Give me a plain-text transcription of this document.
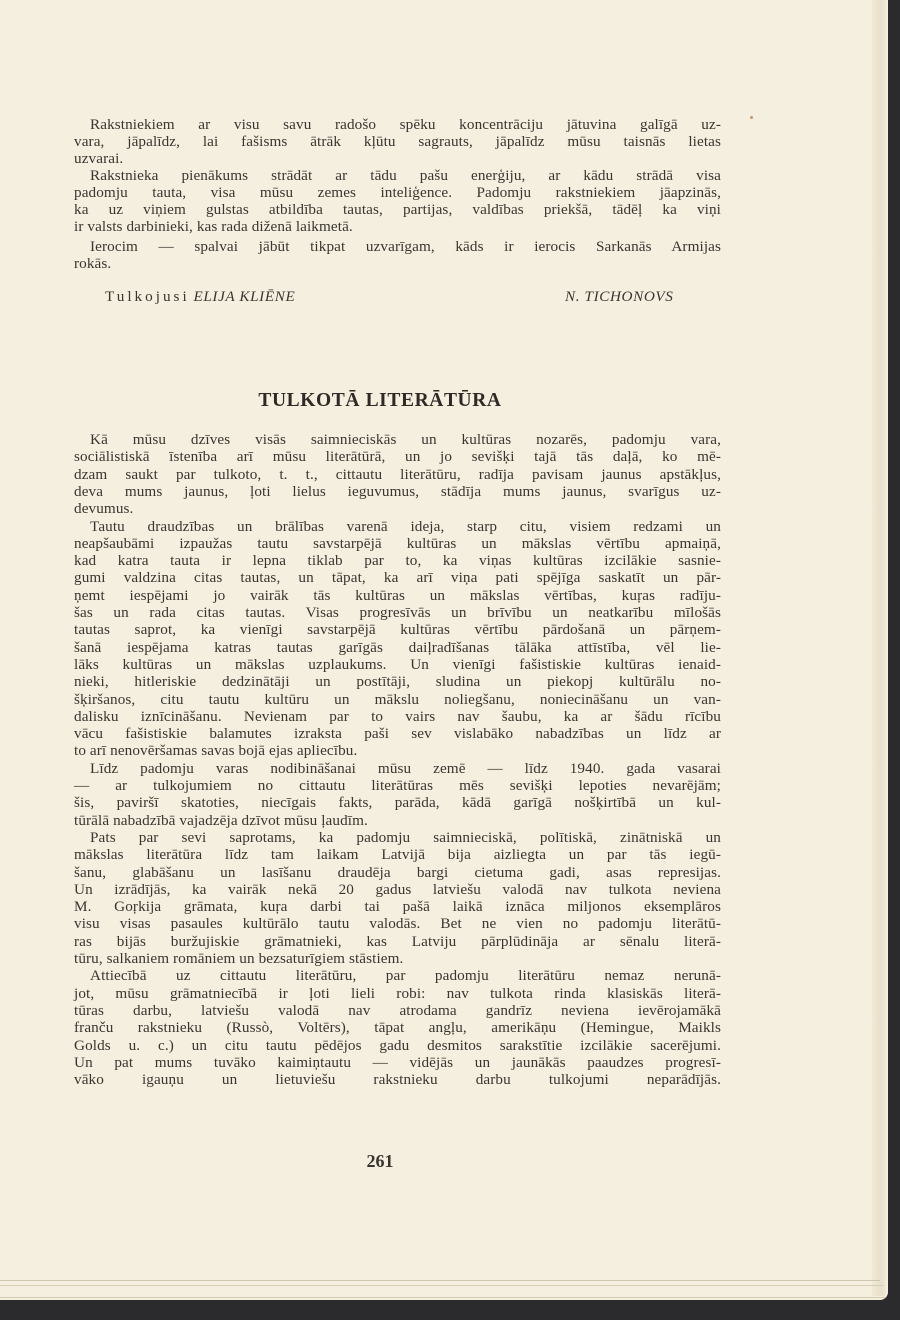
Rakstniekiem ar visu savu radošo spēku koncentrāciju jātuvina galīgā uz-
vara, jāpalīdz, lai fašisms ātrāk kļūtu sagrauts, jāpalīdz mūsu taisnās lietas
uzvarai.
Rakstnieka pienākums strādāt ar tādu pašu enerģiju, ar kādu strādā visa
padomju tauta, visa mūsu zemes inteliģence. Padomju rakstniekiem jāapzinās,
ka uz viņiem gulstas atbildība tautas, partijas, valdības priekšā, tādēļ ka viņi
ir valsts darbinieki, kas rada diženā laikmetā.
Ierocim — spalvai jābūt tikpat uzvarīgam, kāds ir ierocis Sarkanās Armijas
rokās.
Tulkojusi ELIJA KLIĒNE	N. TICHONOVS
TULKOTĀ LITERĀTŪRA
Kā mūsu dzīves visās saimnieciskās un kultūras nozarēs, padomju vara,
sociālistiskā īstenība arī mūsu literātūrā, un jo sevišķi tajā tās daļā, ko mē-
dzam saukt par tulkoto, t. t., cittautu literātūru, radīja pavisam jaunus apstākļus,
deva mums jaunus, ļoti lielus ieguvumus, stādīja mums jaunus, svarīgus uz-
devumus.
Tautu draudzības un brālības varenā ideja, starp citu, visiem redzami un
neapšaubāmi izpaužas tautu savstarpējā kultūras un mākslas vērtību apmaiņā,
kad katra tauta ir lepna tiklab par to, ka viņas kultūras izcilākie sasnie-
gumi valdzina citas tautas, un tāpat, ka arī viņa pati spējīga saskatīt un pār-
ņemt iespējami jo vairāk tās kultūras un mākslas vērtības, kuŗas radīju-
šas un rada citas tautas. Visas progresīvās un brīvību un neatkarību mīlošās
tautas saprot, ka vienīgi savstarpējā kultūras vērtību pārdošanā un pārņem-
šanā iespējama katras tautas garīgās daiļradīšanas tālāka attīstība, vēl lie-
lāks kultūras un mākslas uzplaukums. Un vienīgi fašistiskie kultūras ienaid-
nieki, hitleriskie dedzinātāji un postītāji, sludina un piekopj kultūrālu no-
šķiršanos, citu tautu kultūru un mākslu noliegšanu, noniecināšanu un van-
dalisku iznīcināšanu. Nevienam par to vairs nav šaubu, ka ar šādu rīcību
vācu fašistiskie balamutes izraksta paši sev vislabāko nabadzības un līdz ar
to arī nenovēršamas savas bojā ejas apliecību.
Līdz padomju varas nodibināšanai mūsu zemē — līdz 1940. gada vasarai
— ar tulkojumiem no cittautu literātūras mēs sevišķi lepoties nevarējām;
šis, paviršī skatoties, niecīgais fakts, parāda, kādā garīgā nošķirtībā un kul-
tūrālā nabadzībā vajadzēja dzīvot mūsu ļaudīm.
Pats par sevi saprotams, ka padomju saimnieciskā, polītiskā, zinātniskā un
mākslas literātūra līdz tam laikam Latvijā bija aizliegta un par tās iegū-
šanu, glabāšanu un lasīšanu draudēja bargi cietuma gadi, asas represijas.
Un izrādījās, ka vairāk nekā 20 gadus latviešu valodā nav tulkota neviena
M. Goŗkija grāmata, kuŗa darbi tai pašā laikā iznāca miljonos eksemplāros
visu visas pasaules kultūrālo tautu valodās. Bet ne vien no padomju literātū-
ras bijās buržujiskie grāmatnieki, kas Latviju pārplūdināja ar sēnalu literā-
tūru, salkaniem romāniem un bezsaturīgiem stāstiem.
Attiecībā uz cittautu literātūru, par padomju literātūru nemaz nerunā-
jot, mūsu grāmatniecībā ir ļoti lieli robi: nav tulkota rinda klasiskās literā-
tūras darbu, latviešu valodā nav atrodama gandrīz neviena ievērojamākā
franču rakstnieku (Russò, Voltērs), tāpat angļu, amerikāņu (Hemingue, Maikls
Golds u. c.) un citu tautu pēdējos gadu desmitos sarakstītie izcilākie sacerējumi.
Un pat mums tuvāko kaimiņtautu — vidējās un jaunākās paaudzes progresī-
vāko igauņu un lietuviešu rakstnieku darbu tulkojumi neparādījās.
261
